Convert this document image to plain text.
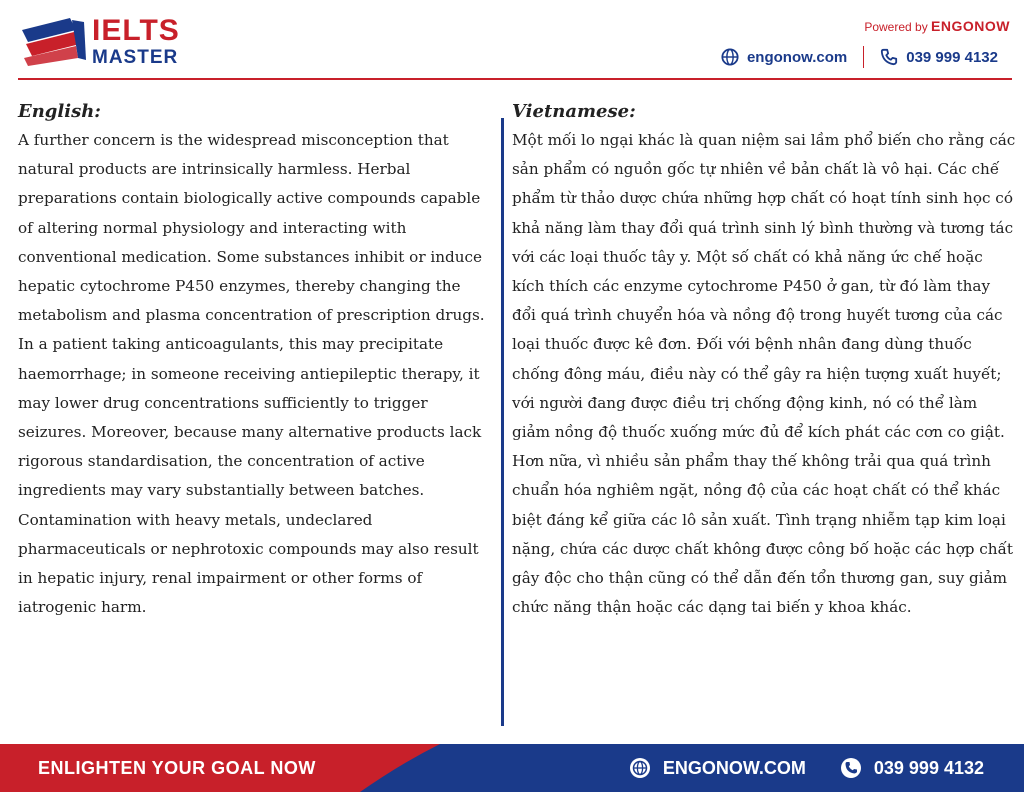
IELTS
MASTER
Powered by ENGONOW
engonow.com	039 999 4132

English:

A further concern is the widespread misconception that natural products are intrinsically harmless. Herbal preparations contain biologically active compounds capable of altering normal physiology and interacting with conventional medication. Some substances inhibit or induce hepatic cytochrome P450 enzymes, thereby changing the metabolism and plasma concentration of prescription drugs. In a patient taking anticoagulants, this may precipitate haemorrhage; in someone receiving antiepileptic therapy, it may lower drug concentrations sufficiently to trigger seizures. Moreover, because many alternative products lack rigorous standardisation, the concentration of active ingredients may vary substantially between batches. Contamination with heavy metals, undeclared pharmaceuticals or nephrotoxic compounds may also result in hepatic injury, renal impairment or other forms of iatrogenic harm.

Vietnamese:

Một mối lo ngại khác là quan niệm sai lầm phổ biến cho rằng các sản phẩm có nguồn gốc tự nhiên về bản chất là vô hại. Các chế phẩm từ thảo dược chứa những hợp chất có hoạt tính sinh học có khả năng làm thay đổi quá trình sinh lý bình thường và tương tác với các loại thuốc tây y. Một số chất có khả năng ức chế hoặc kích thích các enzyme cytochrome P450 ở gan, từ đó làm thay đổi quá trình chuyển hóa và nồng độ trong huyết tương của các loại thuốc được kê đơn. Đối với bệnh nhân đang dùng thuốc chống đông máu, điều này có thể gây ra hiện tượng xuất huyết; với người đang được điều trị chống động kinh, nó có thể làm giảm nồng độ thuốc xuống mức đủ để kích phát các cơn co giật. Hơn nữa, vì nhiều sản phẩm thay thế không trải qua quá trình chuẩn hóa nghiêm ngặt, nồng độ của các hoạt chất có thể khác biệt đáng kể giữa các lô sản xuất. Tình trạng nhiễm tạp kim loại nặng, chứa các dược chất không được công bố hoặc các hợp chất gây độc cho thận cũng có thể dẫn đến tổn thương gan, suy giảm chức năng thận hoặc các dạng tai biến y khoa khác.

ENLIGHTEN YOUR GOAL NOW	ENGONOW.COM	039 999 4132
